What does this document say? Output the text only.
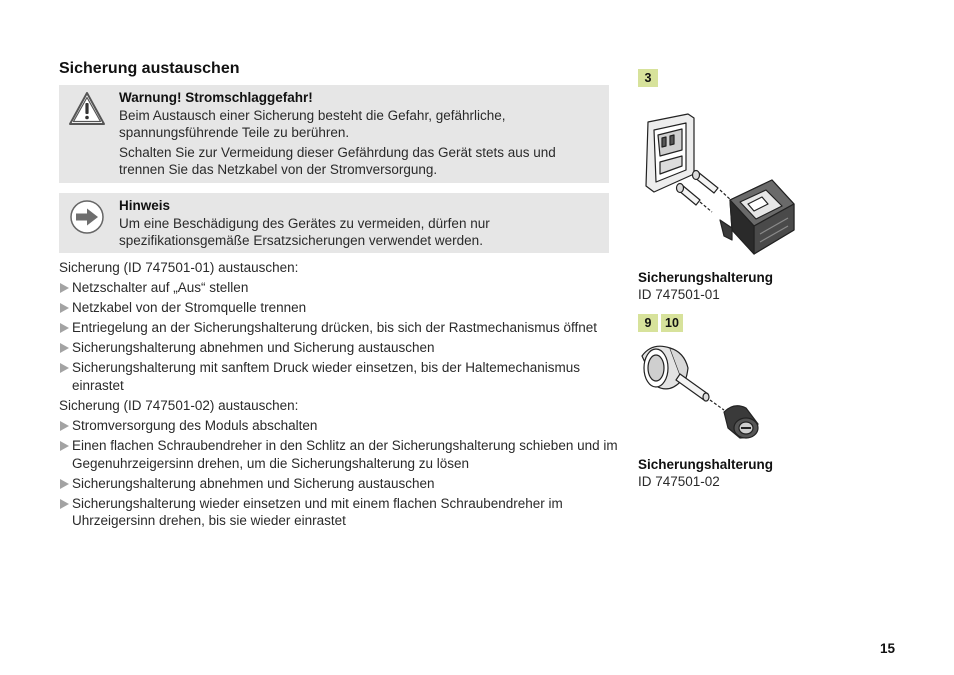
Sicherung austauschen
Warnung! Stromschlaggefahr!
Beim Austausch einer Sicherung besteht die Gefahr, gefährliche, spannungsführende Teile zu berühren.
Schalten Sie zur Vermeidung dieser Gefährdung das Gerät stets aus und trennen Sie das Netzkabel von der Stromversorgung.
Hinweis
Um eine Beschädigung des Gerätes zu vermeiden, dürfen nur spezifikationsgemäße Ersatzsicherungen verwendet werden.
Sicherung (ID 747501-01) austauschen:
Netzschalter auf „Aus“ stellen
Netzkabel von der Stromquelle trennen
Entriegelung an der Sicherungshalterung drücken, bis sich der Rastmechanismus öffnet
Sicherungshalterung abnehmen und Sicherung austauschen
Sicherungshalterung mit sanftem Druck wieder einsetzen, bis der Haltemechanismus einrastet
Sicherung (ID 747501-02) austauschen:
Stromversorgung des Moduls abschalten
Einen flachen Schraubendreher in den Schlitz an der Sicherungshalterung schieben und im Gegenuhrzeigersinn drehen, um die Sicherungshalterung zu lösen
Sicherungshalterung abnehmen und Sicherung austauschen
Sicherungshalterung wieder einsetzen und mit einem flachen Schraubendreher im Uhrzeigersinn drehen, bis sie wieder einrastet
3
Sicherungshalterung
ID 747501-01
9	10
Sicherungshalterung
ID 747501-02
15
